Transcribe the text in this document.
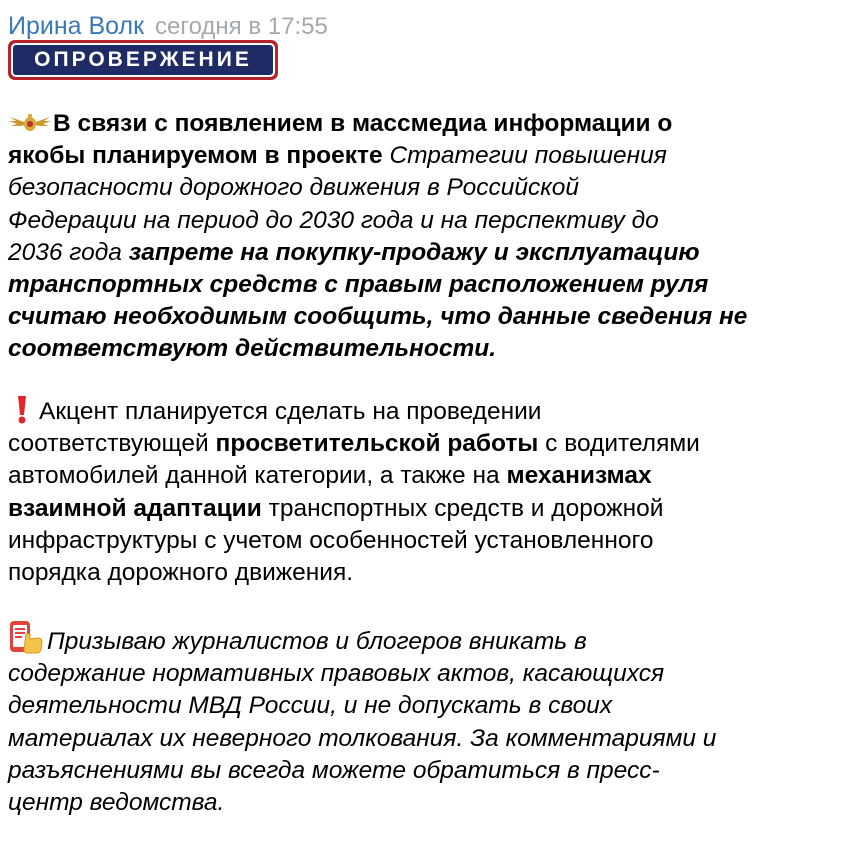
Ирина Волк сегодня в 17:55
ОПРОВЕРЖЕНИЕ
В связи с появлением в массмедиа информации о
якобы планируемом в проекте Стратегии повышения
безопасности дорожного движения в Российской
Федерации на период до 2030 года и на перспективу до
2036 года запрете на покупку-продажу и эксплуатацию
транспортных средств с правым расположением руля
считаю необходимым сообщить, что данные сведения не
соответствуют действительности.
Акцент планируется сделать на проведении
соответствующей просветительской работы с водителями
автомобилей данной категории, а также на механизмах
взаимной адаптации транспортных средств и дорожной
инфраструктуры с учетом особенностей установленного
порядка дорожного движения.
Призываю журналистов и блогеров вникать в
содержание нормативных правовых актов, касающихся
деятельности МВД России, и не допускать в своих
материалах их неверного толкования. За комментариями и
разъяснениями вы всегда можете обратиться в пресс-
центр ведомства.
